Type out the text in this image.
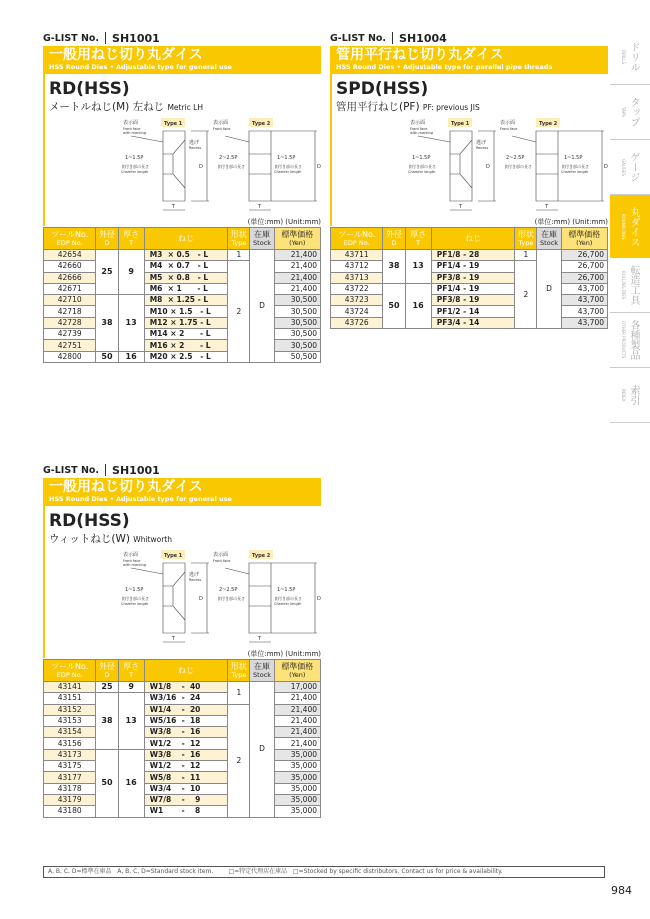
G-LIST No. SH1001
一般用ねじ切り丸ダイス
HSS Round Dies • Adjustable type for general use
RD(HSS)
メートルねじ(M) 左ねじ Metric LH
表示面
Front face
with marking
Type 1
逃げ
Recess
1~1.5P
食付き部の長さ
Chamfer length
D
T
表示面
Front face
Type 2
2~2.5P
食付き部の長さ
1~1.5P
食付き部の長さ
Chamfer length
D
T
(単位:mm) (Unit:mm)
ツールNo.
EDP No.	外径
D	厚さ
T	ねじ	形状
Type	在庫
Stock	標準価格
(Yen)

42654	25	9	M3  × 0.5   - L	1	D	21,400
42660			M4  × 0.7   - L	2		21,400
42666			M5  × 0.8   - L			21,400
42671			M6  × 1      - L			21,400
42710	38	13	M8  × 1.25 - L			30,500
42718			M10 × 1.5   - L			30,500
42728			M12 × 1.75 - L			30,500
42739			M14 × 2      - L			30,500
42751			M16 × 2      - L			30,500
42800	50	16	M20 × 2.5   - L			50,500
G-LIST No. SH1004
管用平行ねじ切り丸ダイス
HSS Round Dies • Adjustable type for parallel pipe threads
SPD(HSS)
管用平行ねじ(PF) PF: previous JIS
表示面
Front face
with marking
Type 1
逃げ
Recess
1~1.5P
食付き部の長さ
Chamfer length
D
T
表示面
Front face
Type 2
2~2.5P
食付き部の長さ
1~1.5P
食付き部の長さ
Chamfer length
D
T
(単位:mm) (Unit:mm)
ツールNo.
EDP No.	外径
D	厚さ
T	ねじ	形状
Type	在庫
Stock	標準価格
(Yen)

43711	38	13	PF1/8 - 28	1	D	26,700
43712			PF1/4 - 19	2		26,700
43713			PF3/8 - 19			26,700
43722	50	16	PF1/4 - 19			43,700
43723			PF3/8 - 19			43,700
43724			PF1/2 - 14			43,700
43726			PF3/4 - 14			43,700
G-LIST No. SH1001
一般用ねじ切り丸ダイス
HSS Round Dies • Adjustable type for general use
RD(HSS)
ウィットねじ(W) Whitworth
表示面
Front face
with marking
Type 1
逃げ
Recess
1~1.5P
食付き部の長さ
Chamfer length
D
T
表示面
Front face
Type 2
2~2.5P
食付き部の長さ
1~1.5P
食付き部の長さ
Chamfer length
D
T
(単位:mm) (Unit:mm)
ツールNo.
EDP No.	外径
D	厚さ
T	ねじ	形状
Type	在庫
Stock	標準価格
(Yen)

43141	25	9	W1/8    -  40	1	D	17,000
43151	38	13	W3/16  -  24			21,400
43152			W1/4    -  20	2		21,400
43153			W5/16  -  18			21,400
43154			W3/8    -  16			21,400
43156			W1/2    -  12			21,400
43173	50	16	W3/8    -  16			35,000
43175			W1/2    -  12			35,000
43177			W5/8    -  11			35,000
43178			W3/4    -  10			35,000
43179			W7/8    -    9			35,000
43180			W1       -    8			35,000
ドリル
DRILLS
タップ
TAPS
ゲージ
GAUGES
丸ダイス
ROUND DIES
転造工具
ROLLING DIES
各種製品
OTHER PRODUCTS
索引
INDEX
A, B, C, D=標準在庫品   A, B, C, D=Standard stock item.        □=特定代理店在庫品   □=Stocked by specific distributors. Contact us for price & availability.
984
